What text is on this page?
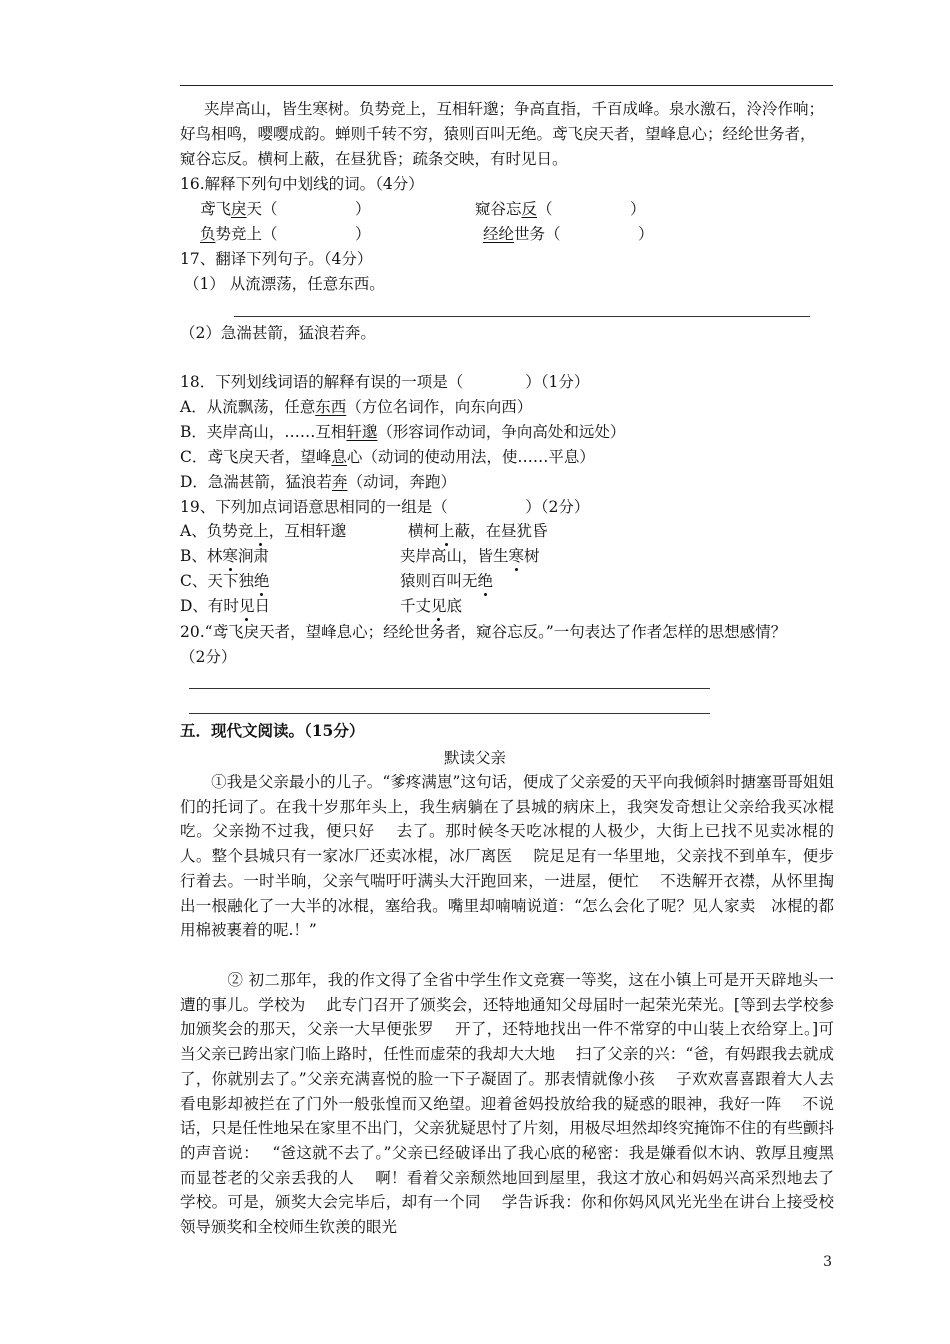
夹岸高山，皆生寒树。负势竞上，互相轩邈；争高直指，千百成峰。泉水激石，泠泠作响；
好鸟相鸣，嘤嘤成韵。蝉则千转不穷，猿则百叫无绝。鸢飞戾天者，望峰息心；经纶世务者，
窥谷忘反。横柯上蔽，在昼犹昏；疏条交映，有时见日。
16.解释下列句中划线的词。（4分）
鸢飞戾天（　　　　　）	窥谷忘反（　　　　　）
负势竞上（　　　　　）	经纶世务（　　　　　）
17、翻译下列句子。（4分）
（1） 从流漂荡，任意东西。
（2）急湍甚箭，猛浪若奔。
18．下列划线词语的解释有误的一项是（　　　　）（1分）
A．从流飘荡，任意东西（方位名词作，向东向西）
B．夹岸高山，……互相轩邈（形容词作动词，争向高处和远处）
C．鸢飞戾天者，望峰息心（动词的使动用法，使……平息）
D．急湍甚箭，猛浪若奔（动词，奔跑）
19、下列加点词语意思相同的一组是（　　　　　）（2分）
A、负势竞上，互相轩邈	横柯上蔽，在昼犹昏
B、林寒涧肃	夹岸高山，皆生寒树
C、天下独绝	猿则百叫无绝
D、有时见日	千丈见底
20.“鸢飞戾天者，望峰息心；经纶世务者，窥谷忘反。”一句表达了作者怎样的思想感情？
（2分）
五．现代文阅读。（15分）
默读父亲
　　①我是父亲最小的儿子。“爹疼满崽”这句话，便成了父亲爱的天平向我倾斜时搪塞哥哥姐姐们的托词了。在我十岁那年头上，我生病躺在了县城的病床上，我突发奇想让父亲给我买冰棍吃。父亲拗不过我，便只好　 去了。那时候冬天吃冰棍的人极少，大街上已找不见卖冰棍的人。整个县城只有一家冰厂还卖冰棍，冰厂离医　 院足足有一华里地，父亲找不到单车，便步行着去。一时半晌，父亲气喘吁吁满头大汗跑回来，一进屋，便忙　 不迭解开衣襟，从怀里掏出一根融化了一大半的冰棍，塞给我。嘴里却喃喃说道：“怎么会化了呢？见人家卖　冰棍的都用棉被裹着的呢.！”
　　　② 初二那年，我的作文得了全省中学生作文竞赛一等奖，这在小镇上可是开天辟地头一遭的事儿。学校为　 此专门召开了颁奖会，还特地通知父母届时一起荣光荣光。[等到去学校参加颁奖会的那天，父亲一大早便张罗　 开了，还特地找出一件不常穿的中山装上衣给穿上。]可当父亲已跨出家门临上路时，任性而虚荣的我却大大地　 扫了父亲的兴：“爸，有妈跟我去就成了，你就别去了。”父亲充满喜悦的脸一下子凝固了。那表情就像小孩　 子欢欢喜喜跟着大人去看电影却被拦在了门外一般张惶而又绝望。迎着爸妈投放给我的疑惑的眼神，我好一阵　 不说话，只是任性地呆在家里不出门，父亲犹疑思忖了片刻，用极尽坦然却终究掩饰不住的有些颤抖的声音说：　 “爸这就不去了。”父亲已经破译出了我心底的秘密：我是嫌看似木讷、敦厚且瘦黑而显苍老的父亲丢我的人　 啊！看着父亲颓然地回到屋里，我这才放心和妈妈兴高采烈地去了学校。可是，颁奖大会完毕后，却有一个同　 学告诉我：你和你妈风风光光坐在讲台上接受校领导颁奖和全校师生钦羡的眼光
3
